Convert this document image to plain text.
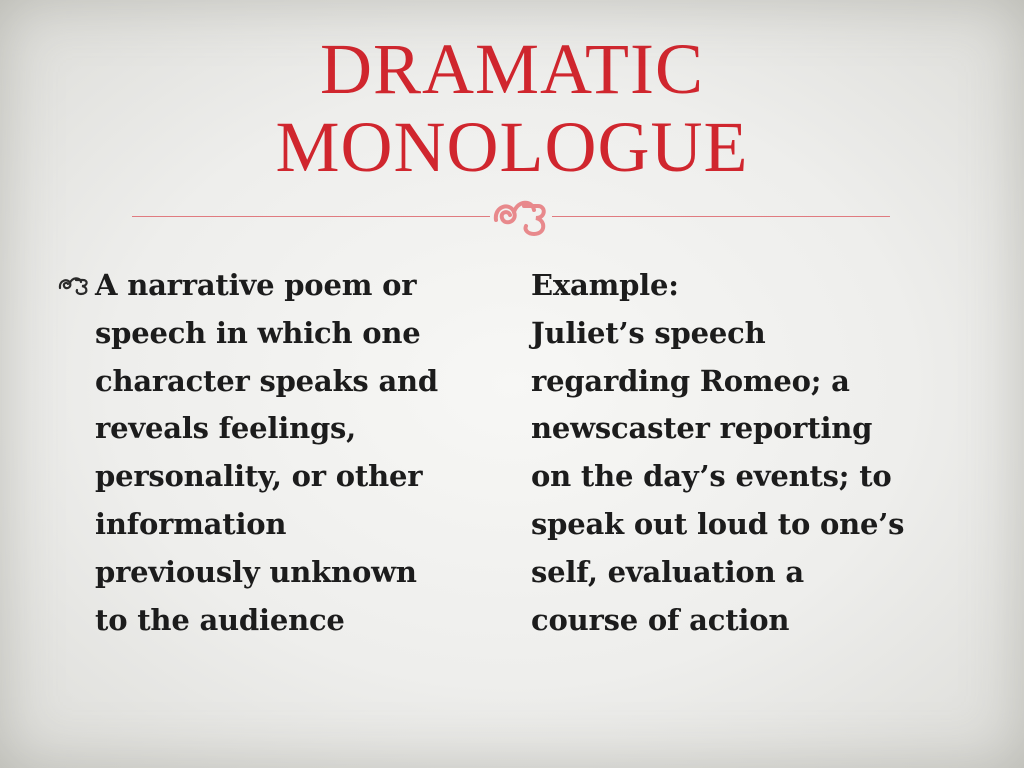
DRAMATIC
MONOLOGUE
A narrative poem or
speech in which one
character speaks and
reveals feelings,
personality, or other
information
previously unknown
to the audience
Example:
Juliet’s speech
regarding Romeo; a
newscaster reporting
on the day’s events; to
speak out loud to one’s
self, evaluation a
course of action
